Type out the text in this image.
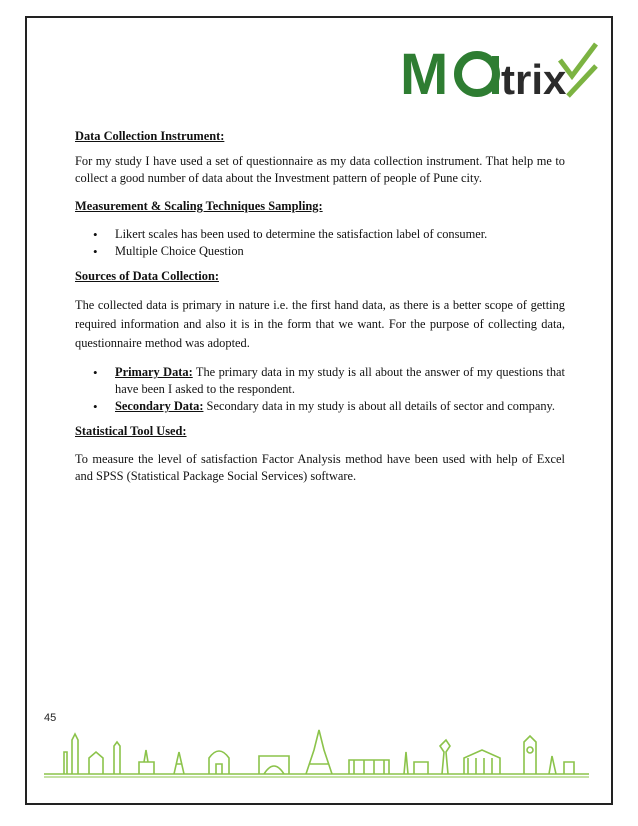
M trix

Data Collection Instrument:

For my study I have used a set of questionnaire as my data collection instrument. That help me to collect a good number of data about the Investment pattern of people of Pune city.

Measurement & Scaling Techniques Sampling:

• Likert scales has been used to determine the satisfaction label of consumer.
• Multiple Choice Question

Sources of Data Collection:

The collected data is primary in nature i.e. the first hand data, as there is a better scope of getting required information and also it is in the form that we want. For the purpose of collecting data, questionnaire method was adopted.

• Primary Data: The primary data in my study is all about the answer of my questions that have been I asked to the respondent.
• Secondary Data: Secondary data in my study is about all details of sector and company.

Statistical Tool Used:

To measure the level of satisfaction Factor Analysis method have been used with help of Excel and SPSS (Statistical Package Social Services) software.

45
